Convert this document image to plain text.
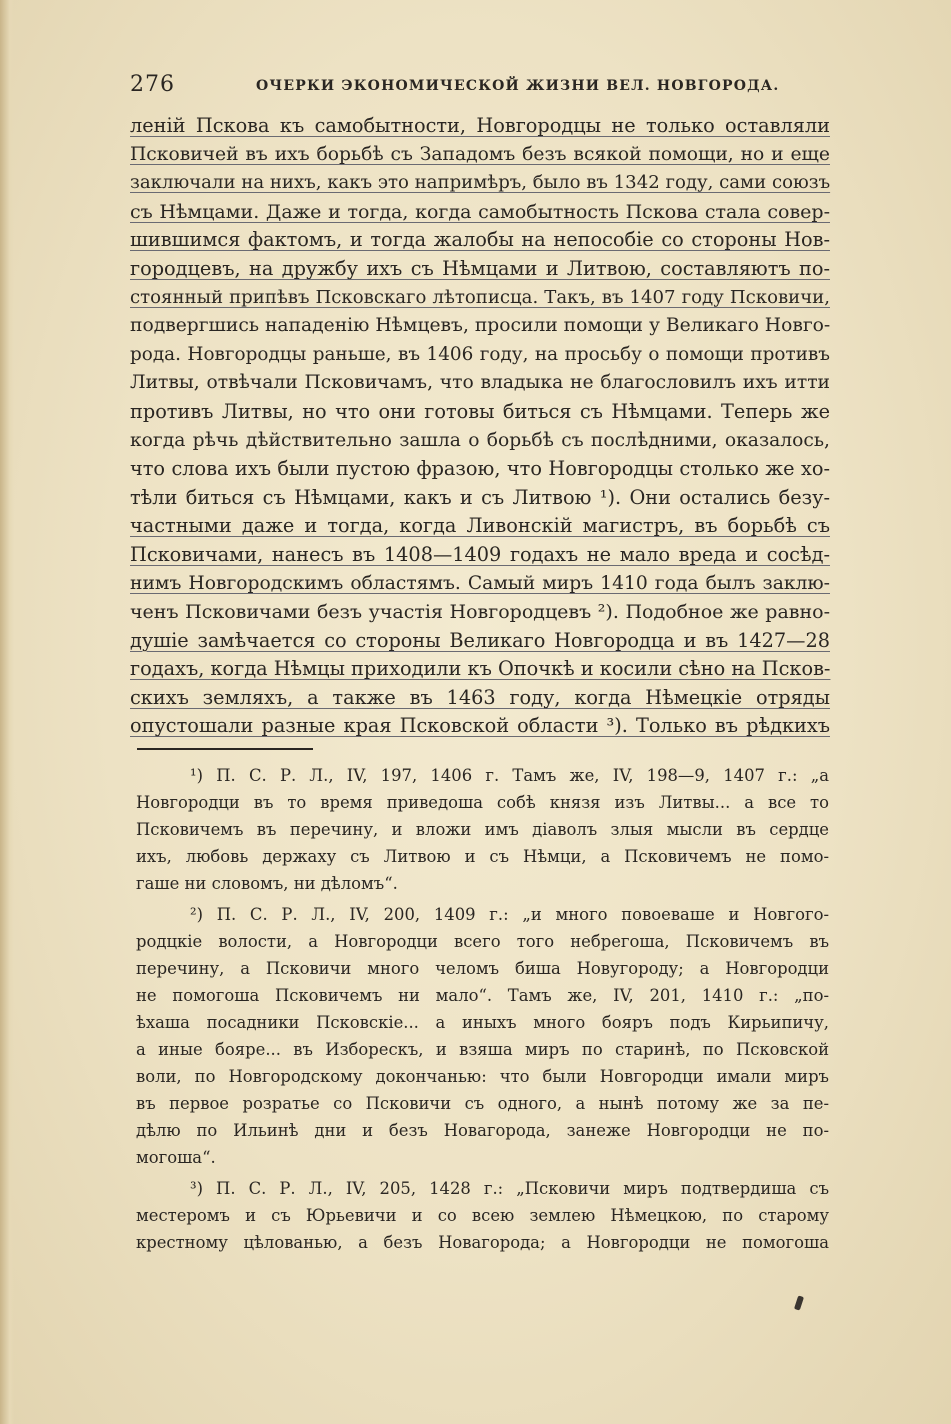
276	ОЧЕРКИ ЭКОНОМИЧЕСКОЙ ЖИЗНИ ВЕЛ. НОВГОРОДА.
леній Пскова къ самобытности, Новгородцы не только оставляли
Псковичей въ ихъ борьбѣ съ Западомъ безъ всякой помощи, но и еще
заключали на нихъ, какъ это напримѣръ, было въ 1342 году, сами союзъ
съ Нѣмцами. Даже и тогда, когда самобытность Пскова стала совер-
шившимся фактомъ, и тогда жалобы на непособіе со стороны Нов-
городцевъ, на дружбу ихъ съ Нѣмцами и Литвою, составляютъ по-
стоянный припѣвъ Псковскаго лѣтописца. Такъ, въ 1407 году Псковичи,
подвергшись нападенію Нѣмцевъ, просили помощи у Великаго Новго-
рода. Новгородцы раньше, въ 1406 году, на просьбу о помощи противъ
Литвы, отвѣчали Псковичамъ, что владыка не благословилъ ихъ итти
противъ Литвы, но что они готовы биться съ Нѣмцами. Теперь же
когда рѣчь дѣйствительно зашла о борьбѣ съ послѣдними, оказалось,
что слова ихъ были пустою фразою, что Новгородцы столько же хо-
тѣли биться съ Нѣмцами, какъ и съ Литвою ¹). Они остались безу-
частными даже и тогда, когда Ливонскій магистръ, въ борьбѣ съ
Псковичами, нанесъ въ 1408—1409 годахъ не мало вреда и сосѣд-
нимъ Новгородскимъ областямъ. Самый миръ 1410 года былъ заклю-
ченъ Псковичами безъ участія Новгородцевъ ²). Подобное же равно-
душіе замѣчается со стороны Великаго Новгородца и въ 1427—28
годахъ, когда Нѣмцы приходили къ Опочкѣ и косили сѣно на Псков-
скихъ земляхъ, а также въ 1463 году, когда Нѣмецкіе отряды
опустошали разные края Псковской области ³). Только въ рѣдкихъ
¹) П. С. Р. Л., IV, 197, 1406 г. Тамъ же, IV, 198—9, 1407 г.: „а
Новгородци въ то время приведоша собѣ князя изъ Литвы... а все то
Псковичемъ въ перечину, и вложи имъ діаволъ злыя мысли въ сердце
ихъ, любовь держаху съ Литвою и съ Нѣмци, а Псковичемъ не помо-
гаше ни словомъ, ни дѣломъ“.
²) П. С. Р. Л., IV, 200, 1409 г.: „и много повоеваше и Новгого-
родцкіе волости, а Новгородци всего того небрегоша, Псковичемъ въ
перечину, а Псковичи много челомъ биша Новугороду; а Новгородци
не помогоша Псковичемъ ни мало“. Тамъ же, IV, 201, 1410 г.: „по-
ѣхаша посадники Псковскіе... а иныхъ много бояръ подъ Кирьипичу,
а иные бояре... въ Изборескъ, и взяша миръ по старинѣ, по Псковской
воли, по Новгородскому докончанью: что были Новгородци имали миръ
въ первое розратье со Псковичи съ одного, а нынѣ потому же за пе-
дѣлю по Ильинѣ дни и безъ Новагорода, занеже Новгородци не по-
могоша“.
³) П. С. Р. Л., IV, 205, 1428 г.: „Псковичи миръ подтвердиша съ
местеромъ и съ Юрьевичи и со всею землею Нѣмецкою, по старому
крестному цѣлованью, а безъ Новагорода; а Новгородци не помогоша
